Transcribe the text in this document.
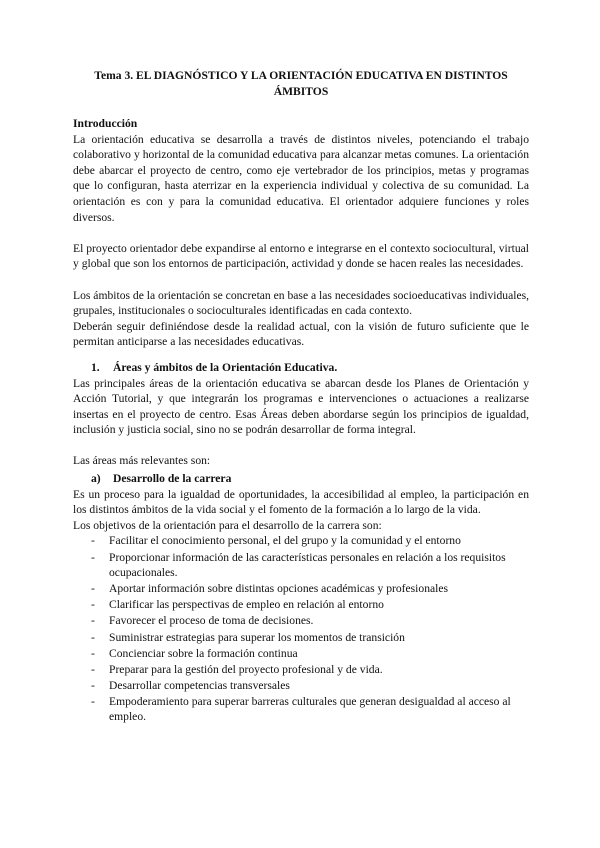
Tema 3. EL DIAGNÓSTICO Y LA ORIENTACIÓN EDUCATIVA EN DISTINTOS ÁMBITOS
Introducción

La orientación educativa se desarrolla a través de distintos niveles, potenciando el trabajo colaborativo y horizontal de la comunidad educativa para alcanzar metas comunes. La orientación debe abarcar el proyecto de centro, como eje vertebrador de los principios, metas y programas que lo configuran, hasta aterrizar en la experiencia individual y colectiva de su comunidad. La orientación es con y para la comunidad educativa. El orientador adquiere funciones y roles diversos.

El proyecto orientador debe expandirse al entorno e integrarse en el contexto sociocultural, virtual y global que son los entornos de participación, actividad y donde se hacen reales las necesidades.

Los ámbitos de la orientación se concretan en base a las necesidades socioeducativas individuales, grupales, institucionales o socioculturales identificadas en cada contexto.

Deberán seguir definiéndose desde la realidad actual, con la visión de futuro suficiente que le permitan anticiparse a las necesidades educativas.

1. Áreas y ámbitos de la Orientación Educativa.

Las principales áreas de la orientación educativa se abarcan desde los Planes de Orientación y Acción Tutorial, y que integrarán los programas e intervenciones o actuaciones a realizarse insertas en el proyecto de centro. Esas Áreas deben abordarse según los principios de igualdad, inclusión y justicia social, sino no se podrán desarrollar de forma integral.

Las áreas más relevantes son:

a) Desarrollo de la carrera

Es un proceso para la igualdad de oportunidades, la accesibilidad al empleo, la participación en los distintos ámbitos de la vida social y el fomento de la formación a lo largo de la vida.

Los objetivos de la orientación para el desarrollo de la carrera son:

- Facilitar el conocimiento personal, el del grupo y la comunidad y el entorno
- Proporcionar información de las características personales en relación a los requisitos ocupacionales.
- Aportar información sobre distintas opciones académicas y profesionales
- Clarificar las perspectivas de empleo en relación al entorno
- Favorecer el proceso de toma de decisiones.
- Suministrar estrategias para superar los momentos de transición
- Concienciar sobre la formación continua
- Preparar para la gestión del proyecto profesional y de vida.
- Desarrollar competencias transversales
- Empoderamiento para superar barreras culturales que generan desigualdad al acceso al empleo.
